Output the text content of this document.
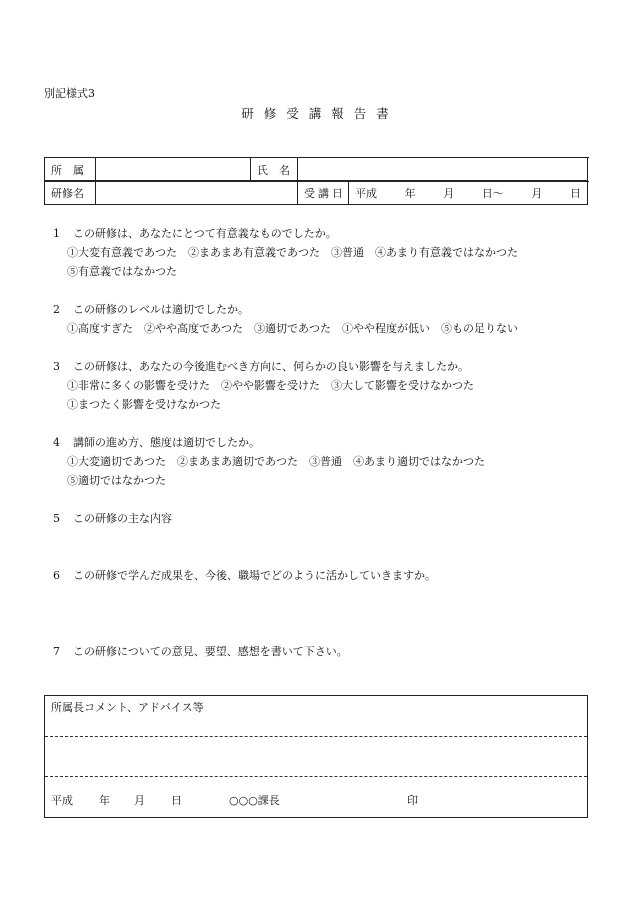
別記様式3
研修受講報告書
所　属		氏　名	
研修名		受講日	平成	年	月	日〜	月	日
1 この研修は、あなたにとつて有意義なものでしたか。
①大変有意義であつた　②まあまあ有意義であつた　③普通　④あまり有意義ではなかつた
⑤有意義ではなかつた
2 この研修のレベルは適切でしたか。
①高度すぎた　②やや高度であつた　③適切であつた　①やや程度が低い　⑤もの足りない
3 この研修は、あなたの今後進むべき方向に、何らかの良い影響を与えましたか。
①非常に多くの影響を受けた　②やや影響を受けた　③大して影響を受けなかつた
①まつたく影響を受けなかつた
4 講師の進め方、態度は適切でしたか。
①大変適切であつた　②まあまあ適切であつた　③普通　④あまり適切ではなかつた
⑤適切ではなかつた
5 この研修の主な内容
6 この研修で学んだ成果を、今後、職場でどのように活かしていきますか。
7 この研修についての意見、要望、感想を書いて下さい。
所属長コメント、アドバイス等
平成 年 月 日	○○○課長	印
